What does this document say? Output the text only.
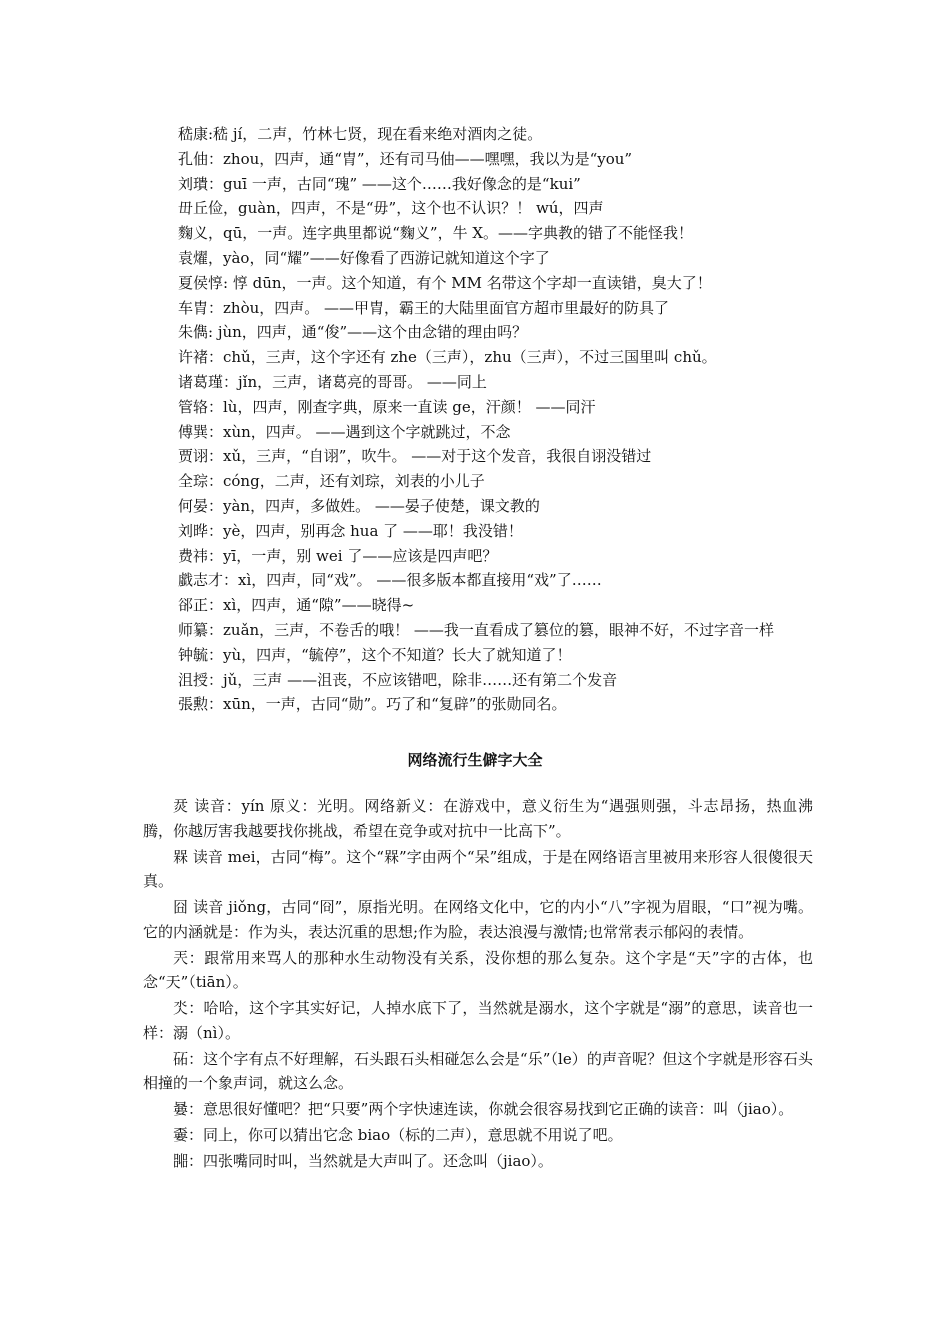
嵇康:嵇 jí，二声，竹林七贤，现在看来绝对酒肉之徒。
孔伷：zhou，四声，通“胄”，还有司马伷——嘿嘿，我以为是“you”
刘璝：guī 一声，古同“瑰” ——这个……我好像念的是“kui”
毌丘俭，guàn，四声，不是“毋”，这个也不认识？！ wú，四声
麴义，qū，一声。连字典里都说“麴义”，牛 X。——字典教的错了不能怪我！
袁燿，yào，同“耀”——好像看了西游记就知道这个字了
夏侯惇: 惇 dūn，一声。这个知道，有个 MM 名带这个字却一直读错，臭大了！
车胄：zhòu，四声。 ——甲胄，霸王的大陆里面官方超市里最好的防具了
朱儁: jùn，四声，通“俊”——这个由念错的理由吗？
许褚：chǔ，三声，这个字还有 zhe（三声），zhu（三声），不过三国里叫 chǔ。
诸葛瑾：jǐn，三声，诸葛亮的哥哥。 ——同上
管辂：lù，四声，刚查字典，原来一直读 ge，汗颜！ ——同汗
傅巽：xùn，四声。 ——遇到这个字就跳过，不念
贾诩：xǔ，三声，“自诩”，吹牛。 ——对于这个发音，我很自诩没错过
全琮：cóng，二声，还有刘琮，刘表的小儿子
何晏：yàn，四声，多做姓。 ——晏子使楚，课文教的
刘晔：yè，四声，别再念 hua 了 ——耶！我没错！
费祎：yī，一声，别 wei 了——应该是四声吧？
戱志才：xì，四声，同“戏”。 ——很多版本都直接用“戏”了……
郤正：xì，四声，通“隙”——晓得~
师纂：zuǎn，三声，不卷舌的哦！ ——我一直看成了篡位的篡，眼神不好，不过字音一样
钟毓：yù，四声，“毓停”，这个不知道？长大了就知道了！
沮授：jǔ，三声 ——沮丧，不应该错吧，除非……还有第二个发音
張勲：xūn，一声，古同“勋”。巧了和“复辟”的张勋同名。
网络流行生僻字大全

烎 读音：yín 原义：光明。网络新义：在游戏中，意义衍生为“遇强则强，斗志昂扬，热血沸腾，你越厉害我越要找你挑战，希望在竞争或对抗中一比高下”。

槑 读音 mei，古同“梅”。这个“槑”字由两个“呆”组成，于是在网络语言里被用来形容人很傻很天真。

囧 读音 jiǒng，古同“冏”，原指光明。在网络文化中，它的内小“八”字视为眉眼，“口”视为嘴。它的内涵就是：作为头，表达沉重的思想;作为脸，表达浪漫与激情;也常常表示郁闷的表情。

兲：跟常用来骂人的那种水生动物没有关系，没你想的那么复杂。这个字是“天”字的古体，也念“天”（tiān）。

氼：哈哈，这个字其实好记，人掉水底下了，当然就是溺水，这个字就是“溺”的意思，读音也一样：溺（nì）。

砳：这个字有点不好理解，石头跟石头相碰怎么会是“乐”（le）的声音呢？但这个字就是形容石头相撞的一个象声词，就这么念。

嘦：意思很好懂吧？把“只要”两个字快速连读，你就会很容易找到它正确的读音：叫（jiao）。

嫑：同上，你可以猜出它念 biao（标的二声），意思就不用说了吧。

嘂：四张嘴同时叫，当然就是大声叫了。还念叫（jiao）。
